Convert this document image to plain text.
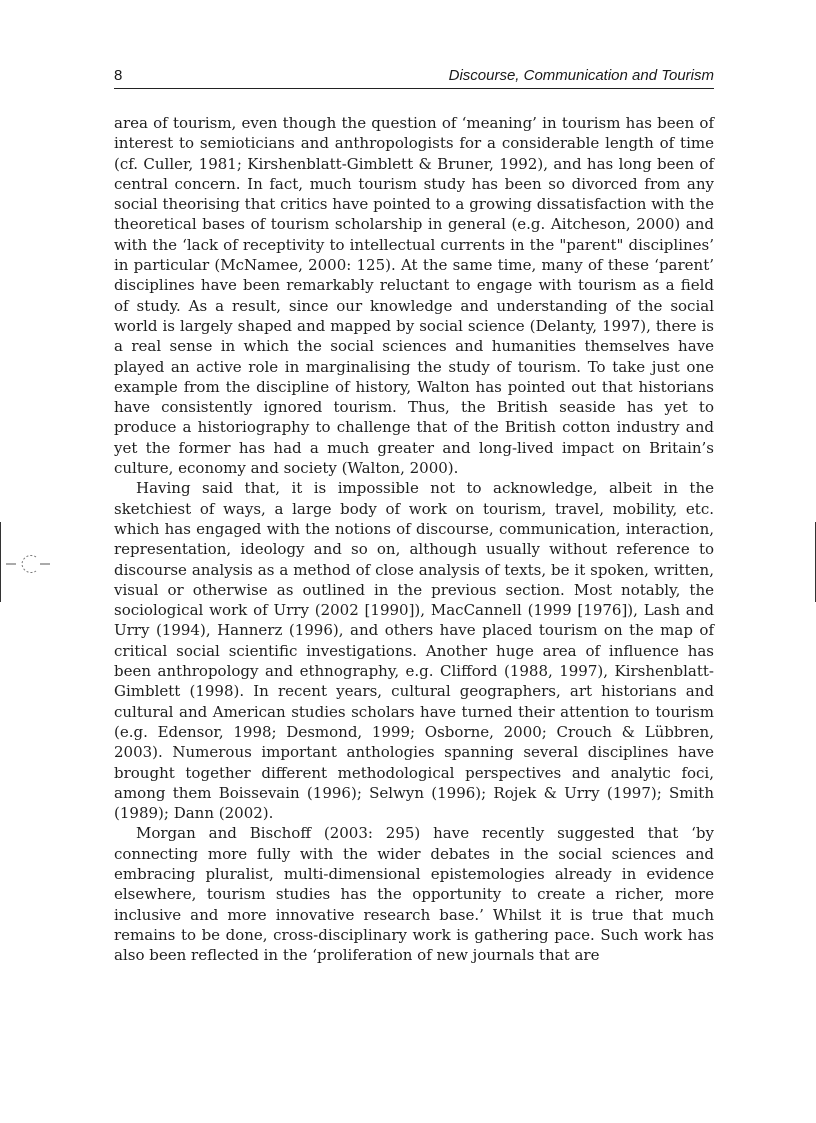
8	Discourse, Communication and Tourism

area of tourism, even though the question of ‘meaning’ in tourism has been of interest to semioticians and anthropologists for a considerable length of time (cf. Culler, 1981; Kirshenblatt-Gimblett & Bruner, 1992), and has long been of central concern. In fact, much tourism study has been so divorced from any social theorising that critics have pointed to a growing dissatisfaction with the theoretical bases of tourism scholarship in general (e.g. Aitcheson, 2000) and with the ‘lack of receptivity to intellectual currents in the "parent" disciplines’ in particular (McNamee, 2000: 125). At the same time, many of these ‘parent’ disciplines have been remarkably reluctant to engage with tourism as a field of study. As a result, since our knowledge and understanding of the social world is largely shaped and mapped by social science (Delanty, 1997), there is a real sense in which the social sciences and humanities themselves have played an active role in marginalising the study of tourism. To take just one example from the discipline of history, Walton has pointed out that historians have consistently ignored tourism. Thus, the British seaside has yet to produce a historiography to challenge that of the British cotton industry and yet the former has had a much greater and long-lived impact on Britain’s culture, economy and society (Walton, 2000).

Having said that, it is impossible not to acknowledge, albeit in the sketchiest of ways, a large body of work on tourism, travel, mobility, etc. which has engaged with the notions of discourse, communication, interaction, representation, ideology and so on, although usually without reference to discourse analysis as a method of close analysis of texts, be it spoken, written, visual or otherwise as outlined in the previous section. Most notably, the sociological work of Urry (2002 [1990]), MacCannell (1999 [1976]), Lash and Urry (1994), Hannerz (1996), and others have placed tourism on the map of critical social scientific investigations. Another huge area of influence has been anthropology and ethnography, e.g. Clifford (1988, 1997), Kirshenblatt-Gimblett (1998). In recent years, cultural geographers, art historians and cultural and American studies scholars have turned their attention to tourism (e.g. Edensor, 1998; Desmond, 1999; Osborne, 2000; Crouch & Lübbren, 2003). Numerous important anthologies spanning several disciplines have brought together different methodological perspectives and analytic foci, among them Boissevain (1996); Selwyn (1996); Rojek & Urry (1997); Smith (1989); Dann (2002).

Morgan and Bischoff (2003: 295) have recently suggested that ‘by connecting more fully with the wider debates in the social sciences and embracing pluralist, multi-dimensional epistemologies already in evidence elsewhere, tourism studies has the opportunity to create a richer, more inclusive and more innovative research base.’ Whilst it is true that much remains to be done, cross-disciplinary work is gathering pace. Such work has also been reflected in the ‘proliferation of new journals that are
